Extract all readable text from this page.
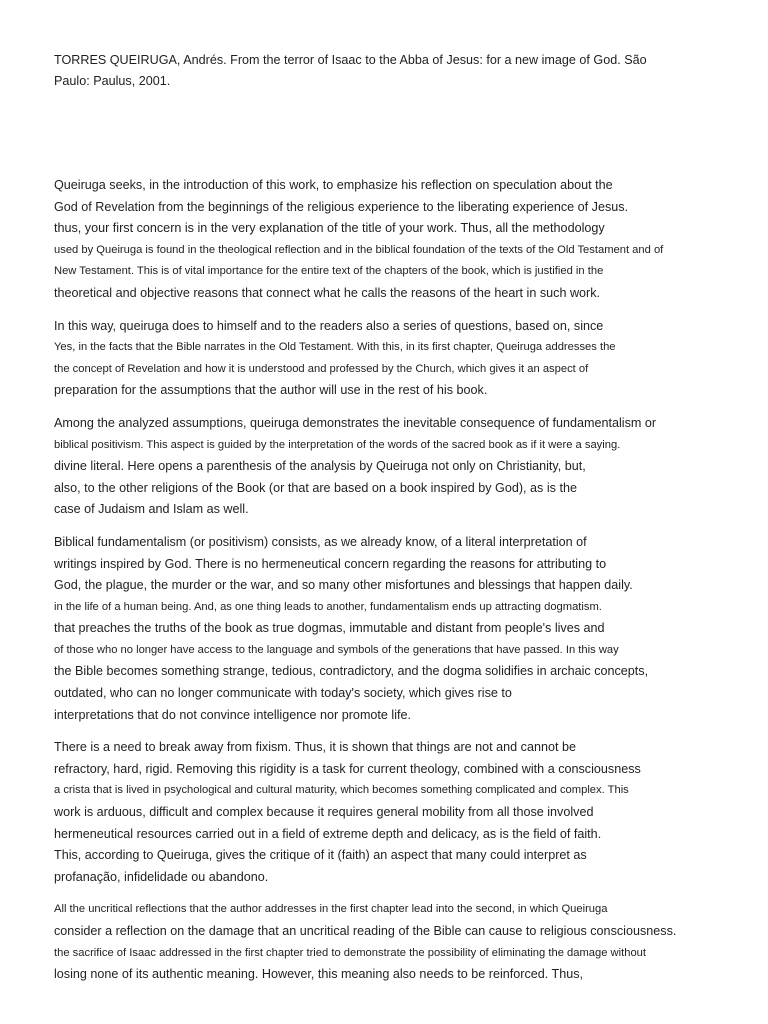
TORRES QUEIRUGA, Andrés. From the terror of Isaac to the Abba of Jesus: for a new image of God. São
Paulo: Paulus, 2001.

Queiruga seeks, in the introduction of this work, to emphasize his reflection on speculation about the
God of Revelation from the beginnings of the religious experience to the liberating experience of Jesus.
thus, your first concern is in the very explanation of the title of your work. Thus, all the methodology
used by Queiruga is found in the theological reflection and in the biblical foundation of the texts of the Old Testament and of
New Testament. This is of vital importance for the entire text of the chapters of the book, which is justified in the
theoretical and objective reasons that connect what he calls the reasons of the heart in such work.
In this way, queiruga does to himself and to the readers also a series of questions, based on, since
Yes, in the facts that the Bible narrates in the Old Testament. With this, in its first chapter, Queiruga addresses the
the concept of Revelation and how it is understood and professed by the Church, which gives it an aspect of
preparation for the assumptions that the author will use in the rest of his book.
Among the analyzed assumptions, queiruga demonstrates the inevitable consequence of fundamentalism or
biblical positivism. This aspect is guided by the interpretation of the words of the sacred book as if it were a saying.
divine literal. Here opens a parenthesis of the analysis by Queiruga not only on Christianity, but,
also, to the other religions of the Book (or that are based on a book inspired by God), as is the
case of Judaism and Islam as well.
Biblical fundamentalism (or positivism) consists, as we already know, of a literal interpretation of
writings inspired by God. There is no hermeneutical concern regarding the reasons for attributing to
God, the plague, the murder or the war, and so many other misfortunes and blessings that happen daily.
in the life of a human being. And, as one thing leads to another, fundamentalism ends up attracting dogmatism.
that preaches the truths of the book as true dogmas, immutable and distant from people's lives and
of those who no longer have access to the language and symbols of the generations that have passed. In this way
the Bible becomes something strange, tedious, contradictory, and the dogma solidifies in archaic concepts,
outdated, who can no longer communicate with today's society, which gives rise to
interpretations that do not convince intelligence nor promote life.
There is a need to break away from fixism. Thus, it is shown that things are not and cannot be
refractory, hard, rigid. Removing this rigidity is a task for current theology, combined with a consciousness
a crista that is lived in psychological and cultural maturity, which becomes something complicated and complex. This
work is arduous, difficult and complex because it requires general mobility from all those involved
hermeneutical resources carried out in a field of extreme depth and delicacy, as is the field of faith.
This, according to Queiruga, gives the critique of it (faith) an aspect that many could interpret as
profanação, infidelidade ou abandono.
All the uncritical reflections that the author addresses in the first chapter lead into the second, in which Queiruga
consider a reflection on the damage that an uncritical reading of the Bible can cause to religious consciousness.
the sacrifice of Isaac addressed in the first chapter tried to demonstrate the possibility of eliminating the damage without
losing none of its authentic meaning. However, this meaning also needs to be reinforced. Thus,
